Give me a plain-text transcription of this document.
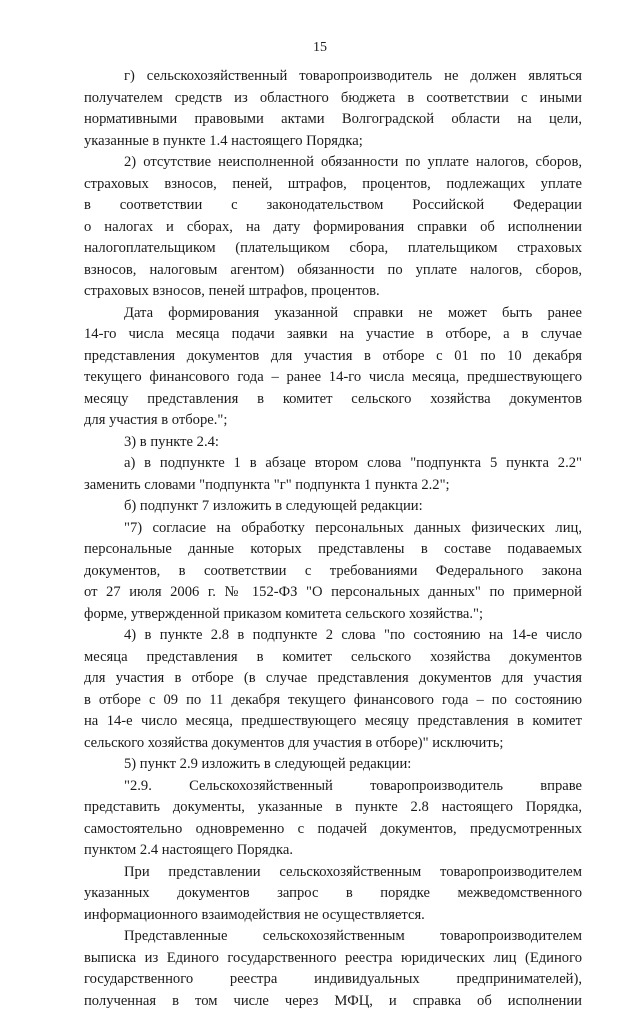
15
г) сельскохозяйственный товаропроизводитель не должен являться
получателем средств из областного бюджета в соответствии с иными
нормативными правовыми актами Волгоградской области на цели,
указанные в пункте 1.4 настоящего Порядка;
2) отсутствие неисполненной обязанности по уплате налогов, сборов,
страховых взносов, пеней, штрафов, процентов, подлежащих уплате
в соответствии с законодательством Российской Федерации
о налогах и сборах, на дату формирования справки об исполнении
налогоплательщиком (плательщиком сбора, плательщиком страховых
взносов, налоговым агентом) обязанности по уплате налогов, сборов,
страховых взносов, пеней штрафов, процентов.
Дата формирования указанной справки не может быть ранее
14-го числа месяца подачи заявки на участие в отборе, а в случае
представления документов для участия в отборе с 01 по 10 декабря
текущего финансового года – ранее 14-го числа месяца, предшествующего
месяцу представления в комитет сельского хозяйства документов
для участия в отборе.";
3) в пункте 2.4:
а) в подпункте 1 в абзаце втором слова "подпункта 5 пункта 2.2"
заменить словами "подпункта "г" подпункта 1 пункта 2.2";
б) подпункт 7 изложить в следующей редакции:
"7) согласие на обработку персональных данных физических лиц,
персональные данные которых представлены в составе подаваемых
документов, в соответствии с требованиями Федерального закона
от 27 июля 2006 г. № 152-ФЗ "О персональных данных" по примерной
форме, утвержденной приказом комитета сельского хозяйства.";
4) в пункте 2.8 в подпункте 2 слова "по состоянию на 14-е число
месяца представления в комитет сельского хозяйства документов
для участия в отборе (в случае представления документов для участия
в отборе с 09 по 11 декабря текущего финансового года – по состоянию
на 14-е число месяца, предшествующего месяцу представления в комитет
сельского хозяйства документов для участия в отборе)" исключить;
5) пункт 2.9 изложить в следующей редакции:
"2.9. Сельскохозяйственный товаропроизводитель вправе
представить документы, указанные в пункте 2.8 настоящего Порядка,
самостоятельно одновременно с подачей документов, предусмотренных
пунктом 2.4 настоящего Порядка.
При представлении сельскохозяйственным товаропроизводителем
указанных документов запрос в порядке межведомственного
информационного взаимодействия не осуществляется.
Представленные сельскохозяйственным товаропроизводителем
выписка из Единого государственного реестра юридических лиц (Единого
государственного реестра индивидуальных предпринимателей),
полученная в том числе через МФЦ, и справка об исполнении
